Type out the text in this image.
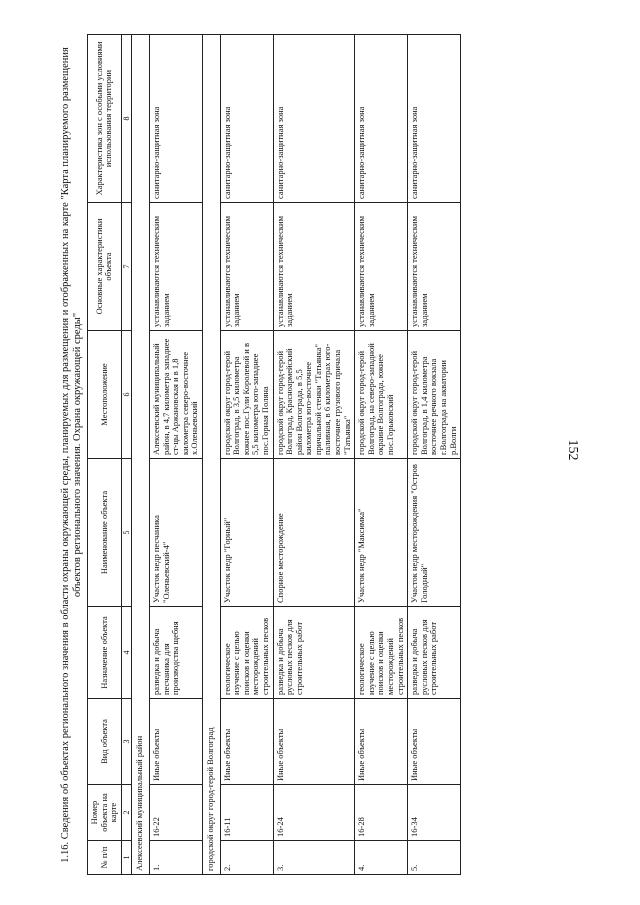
152
1.16. Сведения об объектах регионального значения в области охраны окружающей среды, планируемых для размещения и отображенных на карте "Карта планируемого размещения объектов регионального значения. Охрана окружающей среды"
№ п/п	Номер объекта на карте	Вид объекта	Назначение объекта	Наименование объекта	Местоположение	Основные характеристики объекта	Характеристика зон с особыми условиями использования территории
1	2	3	4	5	6	7	8
Алексеевский муниципальный район							
1.	16-22	Иные объекты	разведка и добыча песчаника для производства щебня	Участок недр песчаника "Оленьевский-4"	Алексеевский муниципальный район, в 4,7 километра западнее ст-цы Аржановская и в 1,8 километра северо-восточнее х.Оленьевский	устанавливаются техническим заданием	санитарно-защитная зона
городской округ город-герой Волгоград							
2.	16-11	Иные объекты	геологическое изучение с целью поисков и оценки месторождений строительных песков	Участок недр "Горный"	городской округ город-герой Волгоград, в 3,5 километра южнее пос.Гули Королевой и в 5,5 километра юго-западнее пос.Горная Поляна	устанавливаются техническим заданием	санитарно-защитная зона
3.	16-24	Иные объекты	разведка и добыча русловых песков для строительных работ	Спорное месторождение	городской округ город-герой Волгоград, Красноармейский район Волгограда, в 5,5 километра юго-восточнее причальной стенки "Татьянка" паливная, в 6 километрах юго-восточнее грузового причала "Татьянка"	устанавливаются техническим заданием	санитарно-защитная зона
4.	16-28	Иные объекты	геологическое изучение с целью поисков и оценки месторождений строительных песков	Участок недр "Максимка"	городской округ город-герой Волгоград, на северо-западной окраине Волгограда, южнее пос.Горьковский	устанавливаются техническим заданием	санитарно-защитная зона
5.	16-34	Иные объекты	разведка и добыча русловых песков для строительных работ	Участок недр месторождения "Остров Голодный"	городской округ город-герой Волгоград, в 1,4 километра восточнее речного вокзала г.Волгограда на акватории р.Волги	устанавливаются техническим заданием	санитарно-защитная зона
